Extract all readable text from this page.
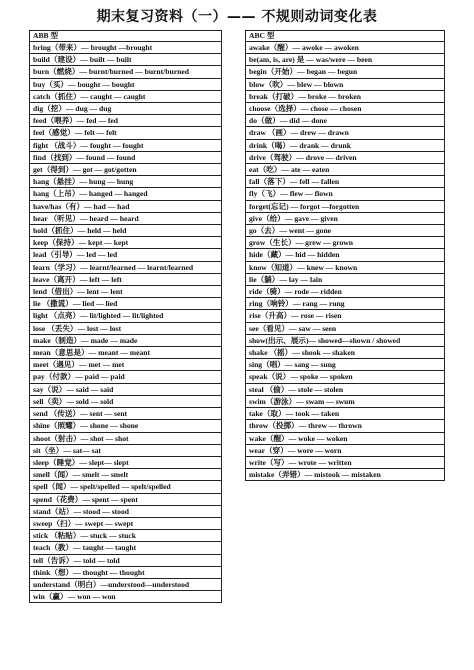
期末复习资料（一）—— 不规则动词变化表
ABB 型
bring（带来）— brought —brought
build（建设）— built — built
burn（燃烧）— burnt/burned — burnt/burned
buy（买）— bought — bought
catch（抓住）— caught — caught
dig（挖）— dug — dug
feed（喂养）— fed — fed
feel（感觉）— felt — felt
fight （战斗）— fought — fought
find（找到）— found — found
get（得到）— got — got/gotten
hang（悬挂）— hung — hung
hang（上吊）— hanged — hanged
have/has（有）— had — had
hear （听见）— heard — heard
hold（抓住）— held — held
keep（保持）— kept — kept
lead（引导）— led — led
learn（学习）— learnt/learned — learnt/learned
leave（离开）— left — left
lend（借出）— lent — lent
lie （撒谎）— lied — lied
light （点亮）— lit/lighted — lit/lighted
lose （丢失）— lost — lost
make（制造）— made — made
mean（意思是）— meant — meant
meet（遇见）— met — met
pay（付款）— paid — paid
say（说）— said — said
sell（卖）— sold — sold
send （传送）— sent — sent
shine（照耀）— shone — shone
shoot（射击）— shot — shot
sit（坐）— sat— sat
sleep（睡觉）— slept— slept
smell（闻）— smelt — smelt
spell（闻）— spelt/spelled — spelt/spelled
spend（花费）— spent — spent
stand（站）— stood — stood
sweep（扫）— swept — swept
stick （粘贴）— stuck — stuck
teach（教）— taught — taught
tell（告诉）— told — told
think（想）— thought — thought
understand（明白）—understood—understood
win（赢）— won — won
ABC 型
awake（醒）— awoke — awoken
be(am, is, are) 是 — was/were — been
begin（开始）— began — begun
blow（吹）— blew — blown
break（打破）— broke — broken
choose（选择）— chose — chosen
do（做）— did — done
draw （画）— drew — drawn
drink（喝）— drank — drunk
drive（驾驶）— drove — driven
eat（吃）— ate — eaten
fall（落下）— fell — fallen
fly（飞）— flew — flown
forget(忘记) — forgot —forgotten
give（给）— gave — given
go（去）— went — gone
grow（生长）— grew — grown
hide（藏）— hid — hidden
know（知道）— knew — known
lie（躺）— lay — lain
ride（骑）— rode — ridden
ring（响铃）— rang — rung
rise（升高）— rose — risen
see（看见）— saw — seen
show(出示、展示)— showed—shown / showed
shake （摇）— shook — shaken
sing（唱）— sang — sung
speak（说）— spoke — spoken
steal （偷）— stole — stolen
swim（游泳）— swam — swum
take（取）— took — taken
throw（投掷）— threw — thrown
wake（醒）— woke — woken
wear（穿）— wore — worn
write（写）— wrote — written
mistake（弄错）— mistook — mistaken
